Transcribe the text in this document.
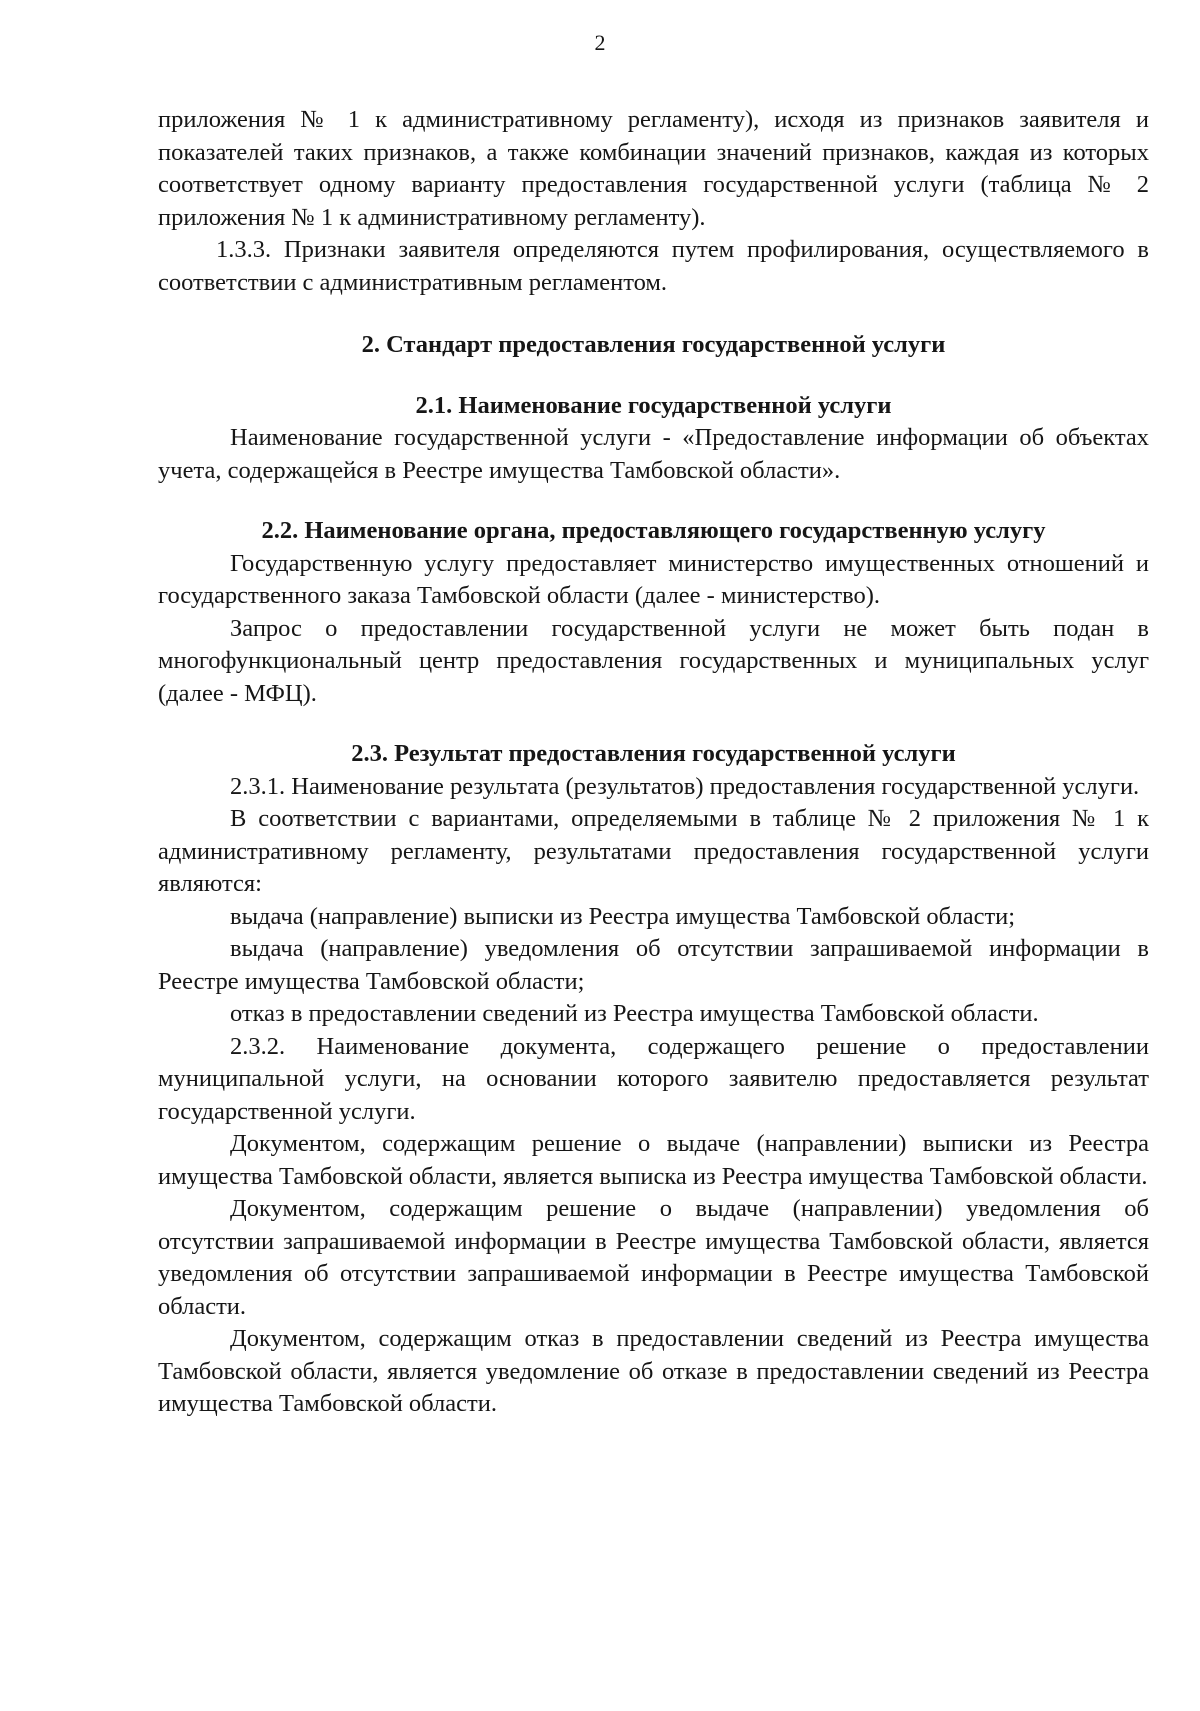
2

приложения № 1 к административному регламенту), исходя из признаков заявителя и показателей таких признаков, а также комбинации значений признаков, каждая из которых соответствует одному варианту предоставления государственной услуги (таблица № 2 приложения № 1 к административному регламенту).

1.3.3. Признаки заявителя определяются путем профилирования, осуществляемого в соответствии с административным регламентом.

2. Стандарт предоставления государственной услуги
2.1. Наименование государственной услуги

Наименование государственной услуги - «Предоставление информации об объектах учета, содержащейся в Реестре имущества Тамбовской области».

2.2. Наименование органа, предоставляющего государственную услугу

Государственную услугу предоставляет министерство имущественных отношений и государственного заказа Тамбовской области (далее - министерство).

Запрос о предоставлении государственной услуги не может быть подан в многофункциональный центр предоставления государственных и муниципальных услуг (далее - МФЦ).

2.3. Результат предоставления государственной услуги

2.3.1. Наименование результата (результатов) предоставления государственной услуги.

В соответствии с вариантами, определяемыми в таблице № 2 приложения № 1 к административному регламенту, результатами предоставления государственной услуги являются:

выдача (направление) выписки из Реестра имущества Тамбовской области;

выдача (направление) уведомления об отсутствии запрашиваемой информации в Реестре имущества Тамбовской области;

отказ в предоставлении сведений из Реестра имущества Тамбовской области.

2.3.2. Наименование документа, содержащего решение о предоставлении муниципальной услуги, на основании которого заявителю предоставляется результат государственной услуги.

Документом, содержащим решение о выдаче (направлении) выписки из Реестра имущества Тамбовской области, является выписка из Реестра имущества Тамбовской области.

Документом, содержащим решение о выдаче (направлении) уведомления об отсутствии запрашиваемой информации в Реестре имущества Тамбовской области, является уведомления об отсутствии запрашиваемой информации в Реестре имущества Тамбовской области.

Документом, содержащим отказ в предоставлении сведений из Реестра имущества Тамбовской области, является уведомление об отказе в предоставлении сведений из Реестра имущества Тамбовской области.
